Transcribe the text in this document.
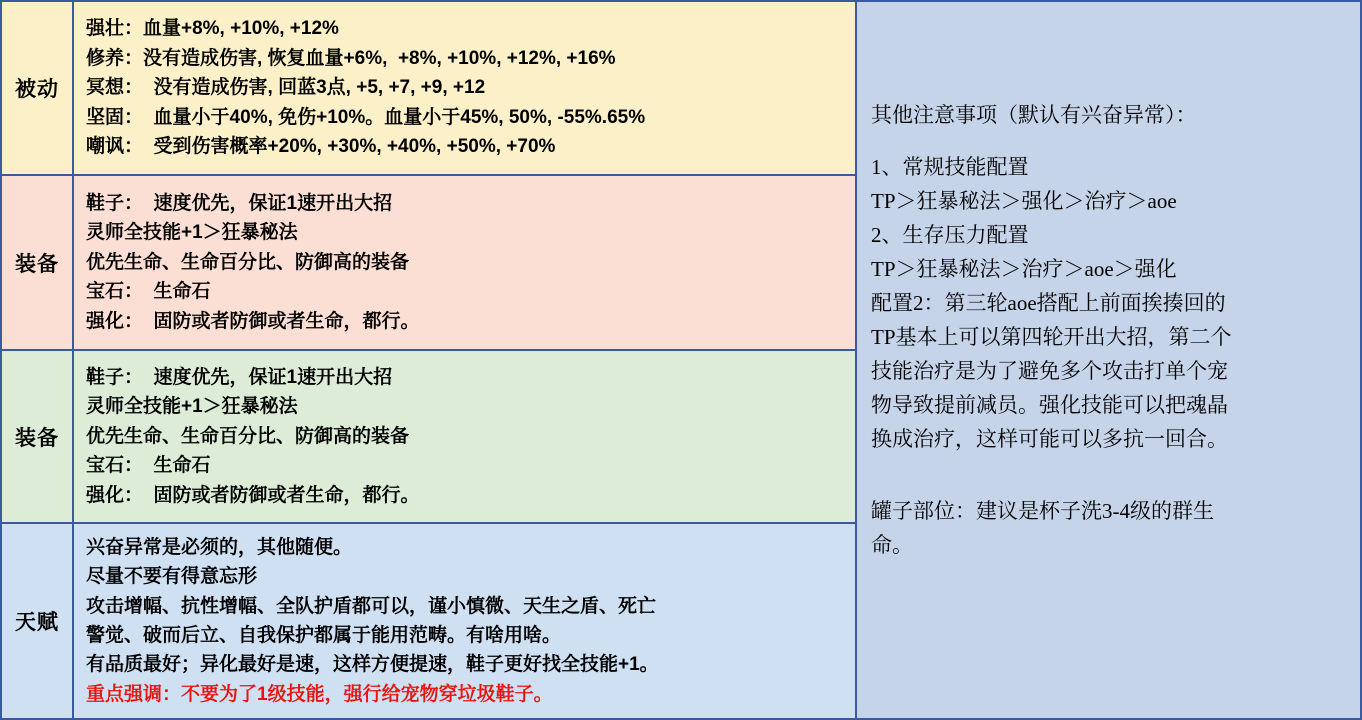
被动
强壮：血量+8%, +10%, +12%
修养：没有造成伤害, 恢复血量+6%,  +8%, +10%, +12%, +16%
冥想：  没有造成伤害, 回蓝3点, +5, +7, +9, +12
坚固：  血量小于40%, 免伤+10%。血量小于45%, 50%, -55%.65%
嘲讽：  受到伤害概率+20%, +30%, +40%, +50%, +70%
装备
鞋子：  速度优先，保证1速开出大招
灵师全技能+1＞狂暴秘法
优先生命、生命百分比、防御高的装备
宝石：  生命石
强化：  固防或者防御或者生命，都行。
装备
鞋子：  速度优先，保证1速开出大招
灵师全技能+1＞狂暴秘法
优先生命、生命百分比、防御高的装备
宝石：  生命石
强化：  固防或者防御或者生命，都行。
天赋
兴奋异常是必须的，其他随便。
尽量不要有得意忘形
攻击增幅、抗性增幅、全队护盾都可以，谨小慎微、天生之盾、死亡
警觉、破而后立、自我保护都属于能用范畴。有啥用啥。
有品质最好；异化最好是速，这样方便提速，鞋子更好找全技能+1。
重点强调：不要为了1级技能，强行给宠物穿垃圾鞋子。
其他注意事项（默认有兴奋异常）：
1、常规技能配置
TP＞狂暴秘法＞强化＞治疗＞aoe
2、生存压力配置
TP＞狂暴秘法＞治疗＞aoe＞强化
配置2：第三轮aoe搭配上前面挨揍回的
TP基本上可以第四轮开出大招，第二个
技能治疗是为了避免多个攻击打单个宠
物导致提前减员。强化技能可以把魂晶
换成治疗，这样可能可以多抗一回合。
罐子部位：建议是杯子洗3-4级的群生
命。
